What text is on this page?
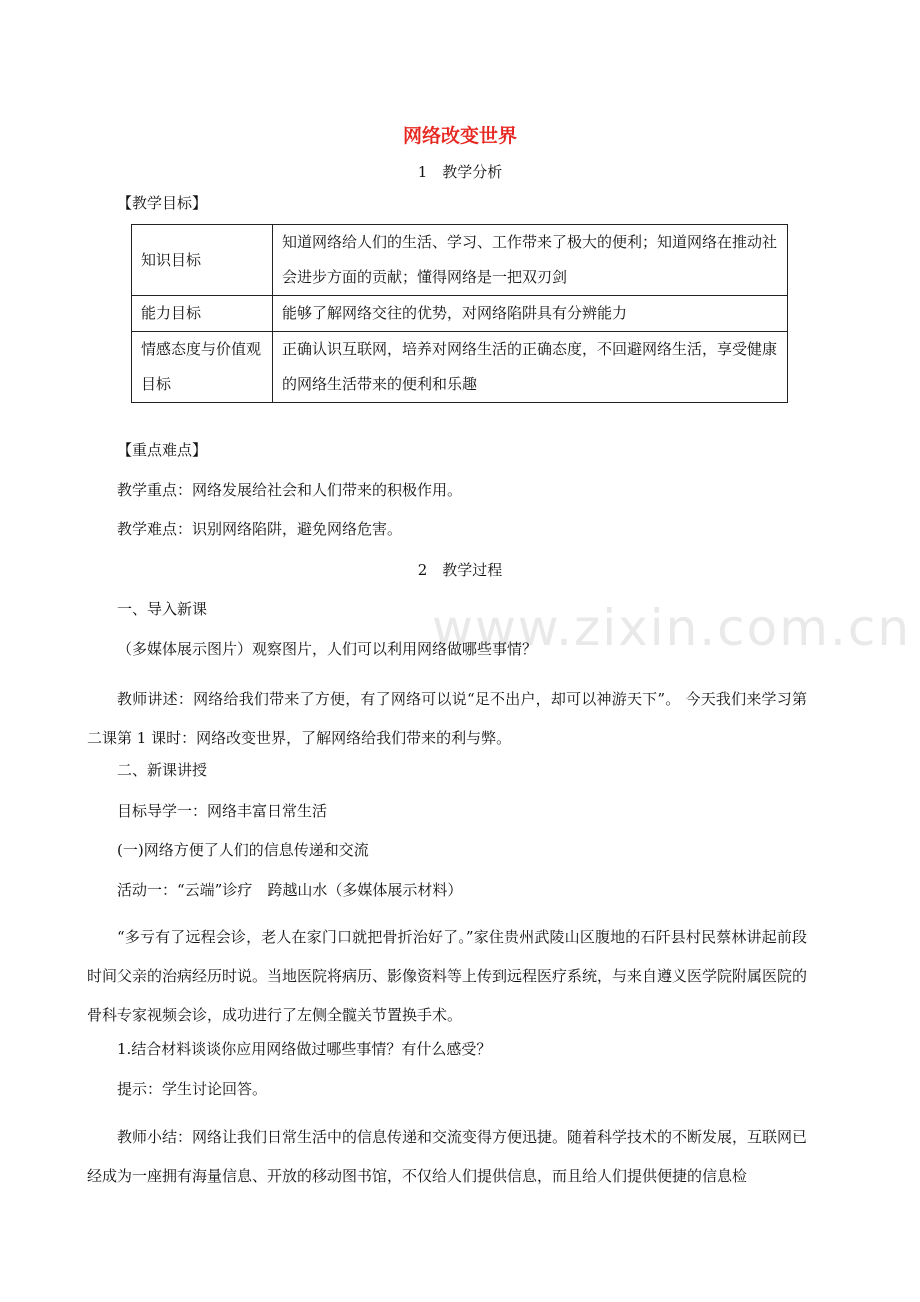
网络改变世界
1　教学分析
【教学目标】
知识目标	知道网络给人们的生活、学习、工作带来了极大的便利；知道网络在推动社会进步方面的贡献；懂得网络是一把双刃剑
能力目标	能够了解网络交往的优势，对网络陷阱具有分辨能力
情感态度与价值观目标	正确认识互联网，培养对网络生活的正确态度，不回避网络生活，享受健康的网络生活带来的便利和乐趣
【重点难点】
教学重点：网络发展给社会和人们带来的积极作用。
教学难点：识别网络陷阱，避免网络危害。
2　教学过程
www.zixin.com.cn
一、导入新课
（多媒体展示图片）观察图片，人们可以利用网络做哪些事情？
教师讲述：网络给我们带来了方便，有了网络可以说“足不出户，却可以神游天下”。 今天我们来学习第二课第 1 课时：网络改变世界，了解网络给我们带来的利与弊。
二、新课讲授
目标导学一：网络丰富日常生活
(一)网络方便了人们的信息传递和交流
活动一：“云端”诊疗　跨越山水（多媒体展示材料）
“多亏有了远程会诊，老人在家门口就把骨折治好了。”家住贵州武陵山区腹地的石阡县村民蔡林讲起前段时间父亲的治病经历时说。当地医院将病历、影像资料等上传到远程医疗系统，与来自遵义医学院附属医院的骨科专家视频会诊，成功进行了左侧全髋关节置换手术。
1.结合材料谈谈你应用网络做过哪些事情？有什么感受？
提示：学生讨论回答。
教师小结：网络让我们日常生活中的信息传递和交流变得方便迅捷。随着科学技术的不断发展，互联网已经成为一座拥有海量信息、开放的移动图书馆，不仅给人们提供信息，而且给人们提供便捷的信息检
